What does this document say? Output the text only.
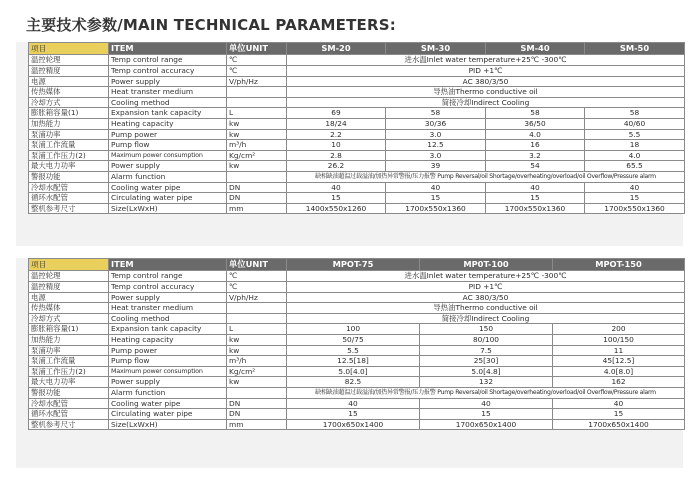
主要技术参数/MAIN TECHNICAL PARAMETERS:
项目	ITEM	单位UNIT	SM-20	SM-30	SM-40	SM-50
温控轮理	Temp control range	℃	进水温Inlet water temperature+25℃ -300℃			
温控精度	Temp control accuracy	℃	PID +1℃			
电源	Power supply	V/ph/Hz	AC 380/3/50			
传热媒体	Heat transter medium		导热油Thermo conductive oil			
冷却方式	Cooling method		简接冷却Indirect Cooling			
膨胀箱容量(1)	Expansion tank capacity	L	69	58	58	58
加热能力	Heating capacity	kw	18/24	30/36	36/50	40/60
泵浦功率	Pump power	kw	2.2	3.0	4.0	5.5
泵浦工作流量	Pump flow	m³/h	10	12.5	16	18
泵浦工作压力(2)	Maximum power consumption	Kg/cm²	2.8	3.0	3.2	4.0
最大电力功率	Power supply	kw	26.2	39	54	65.5
警报功能	Alarm function		缺相缺油超温过载溢油/加热异常警报/压力报警 Pump Reversal/oil Shortage/overheating/overload/oil Overflow/Pressure alarm			
冷却水配管	Cooling water pipe	DN	40	40	40	40
循环水配管	Circulating water pipe	DN	15	15	15	15
整机参考尺寸	Size(LxWxH)	mm	1400x550x1260	1700x550x1360	1700x550x1360	1700x550x1360
项目	ITEM	单位UNIT	MPOT-75	MP0T-100	MPOT-150
温控轮理	Temp control range	℃	进水温Inlet water temperature+25℃ -300℃		
温控精度	Temp control accuracy	℃	PID +1℃		
电源	Power supply	V/ph/Hz	AC 380/3/50		
传热媒体	Heat transter medium		导热油Thermo conductive oil		
冷却方式	Cooling method		简接冷却Indirect Cooling		
膨胀箱容量(1)	Expansion tank capacity	L	100	150	200
加热能力	Heating capacity	kw	50/75	80/100	100/150
泵浦功率	Pump power	kw	5.5	7.5	11
泵浦工作流量	Pump flow	m³/h	12.5[18]	25[30]	45[12.5]
泵浦工作压力(2)	Maximum power consumption	Kg/cm²	5.0[4.0]	5.0[4.8]	4.0[8.0]
最大电力功率	Power supply	kw	82.5	132	162
警报功能	Alarm function		缺相缺油超温过载溢油/加热异常警报/压力报警 Pump Reversal/oil Shortage/overheating/overload/oil Overflow/Pressure alarm		
冷却水配管	Cooling water pipe	DN	40	40	40
循环水配管	Circulating water pipe	DN	15	15	15
整机参考尺寸	Size(LxWxH)	mm	1700x650x1400	1700x650x1400	1700x650x1400
